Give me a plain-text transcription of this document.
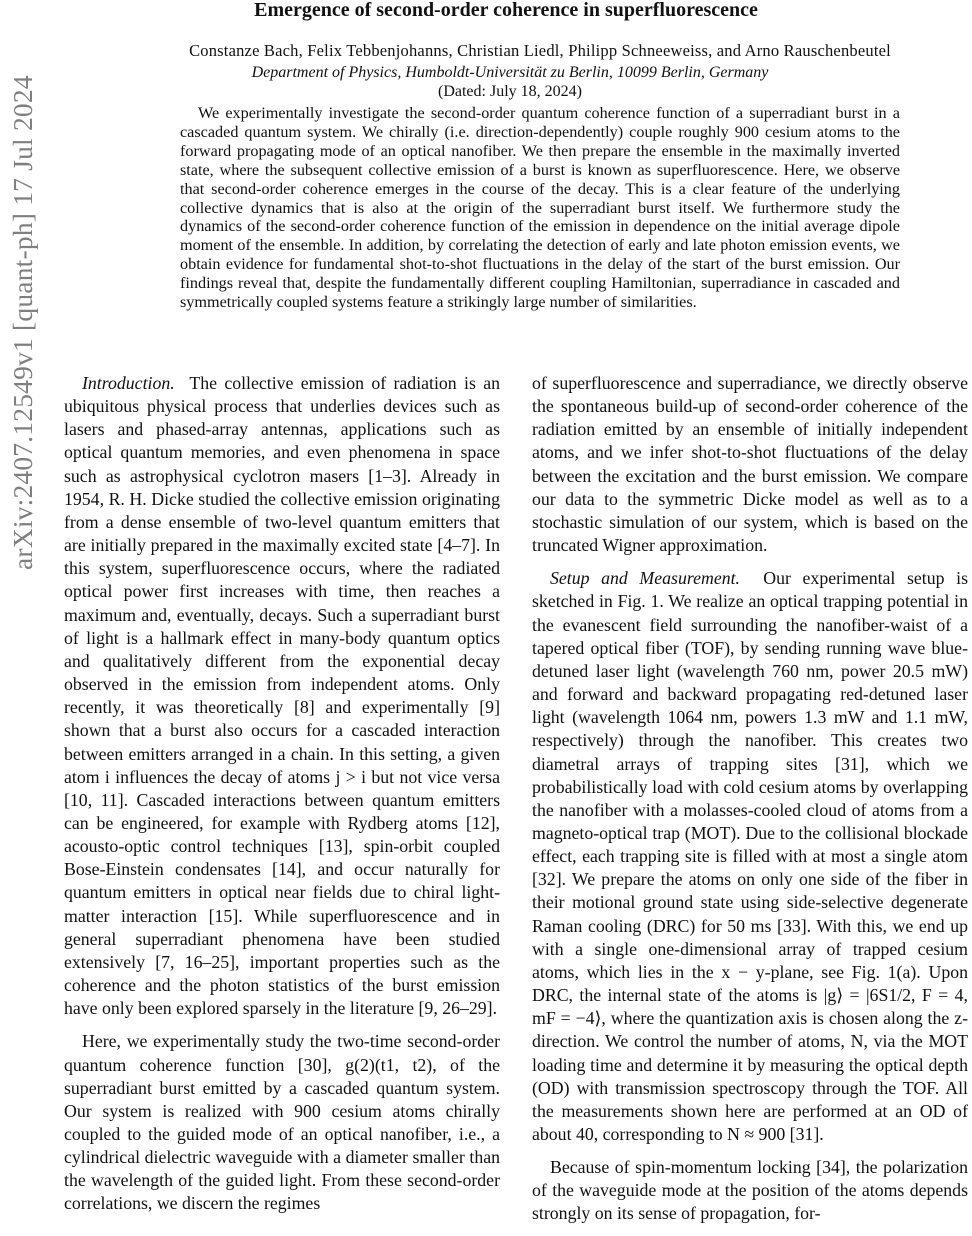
arXiv:2407.12549v1 [quant-ph] 17 Jul 2024
Emergence of second-order coherence in superfluorescence
Constanze Bach, Felix Tebbenjohanns, Christian Liedl, Philipp Schneeweiss, and Arno Rauschenbeutel
Department of Physics, Humboldt-Universität zu Berlin, 10099 Berlin, Germany
(Dated: July 18, 2024)
We experimentally investigate the second-order quantum coherence function of a superradiant burst in a cascaded quantum system. We chirally (i.e. direction-dependently) couple roughly 900 cesium atoms to the forward propagating mode of an optical nanofiber. We then prepare the ensemble in the maximally inverted state, where the subsequent collective emission of a burst is known as superfluorescence. Here, we observe that second-order coherence emerges in the course of the decay. This is a clear feature of the underlying collective dynamics that is also at the origin of the superradiant burst itself. We furthermore study the dynamics of the second-order coherence function of the emission in dependence on the initial average dipole moment of the ensemble. In addition, by correlating the detection of early and late photon emission events, we obtain evidence for fundamental shot-to-shot fluctuations in the delay of the start of the burst emission. Our findings reveal that, despite the fundamentally different coupling Hamiltonian, superradiance in cascaded and symmetrically coupled systems feature a strikingly large number of similarities.

Introduction. The collective emission of radiation is an ubiquitous physical process that underlies devices such as lasers and phased-array antennas, applications such as optical quantum memories, and even phenomena in space such as astrophysical cyclotron masers [1–3]. Already in 1954, R. H. Dicke studied the collective emission originating from a dense ensemble of two-level quantum emitters that are initially prepared in the maximally excited state [4–7]. In this system, superfluorescence occurs, where the radiated optical power first increases with time, then reaches a maximum and, eventually, decays. Such a superradiant burst of light is a hallmark effect in many-body quantum optics and qualitatively different from the exponential decay observed in the emission from independent atoms. Only recently, it was theoretically [8] and experimentally [9] shown that a burst also occurs for a cascaded interaction between emitters arranged in a chain. In this setting, a given atom i influences the decay of atoms j > i but not vice versa [10, 11]. Cascaded interactions between quantum emitters can be engineered, for example with Rydberg atoms [12], acousto-optic control techniques [13], spin-orbit coupled Bose-Einstein condensates [14], and occur naturally for quantum emitters in optical near fields due to chiral light-matter interaction [15]. While superfluorescence and in general superradiant phenomena have been studied extensively [7, 16–25], important properties such as the coherence and the photon statistics of the burst emission have only been explored sparsely in the literature [9, 26–29].

Here, we experimentally study the two-time second-order quantum coherence function [30], g(2)(t1, t2), of the superradiant burst emitted by a cascaded quantum system. Our system is realized with 900 cesium atoms chirally coupled to the guided mode of an optical nanofiber, i.e., a cylindrical dielectric waveguide with a diameter smaller than the wavelength of the guided light. From these second-order correlations, we discern the regimes

of superfluorescence and superradiance, we directly observe the spontaneous build-up of second-order coherence of the radiation emitted by an ensemble of initially independent atoms, and we infer shot-to-shot fluctuations of the delay between the excitation and the burst emission. We compare our data to the symmetric Dicke model as well as to a stochastic simulation of our system, which is based on the truncated Wigner approximation.

Setup and Measurement. Our experimental setup is sketched in Fig. 1. We realize an optical trapping potential in the evanescent field surrounding the nanofiber-waist of a tapered optical fiber (TOF), by sending running wave blue-detuned laser light (wavelength 760 nm, power 20.5 mW) and forward and backward propagating red-detuned laser light (wavelength 1064 nm, powers 1.3 mW and 1.1 mW, respectively) through the nanofiber. This creates two diametral arrays of trapping sites [31], which we probabilistically load with cold cesium atoms by overlapping the nanofiber with a molasses-cooled cloud of atoms from a magneto-optical trap (MOT). Due to the collisional blockade effect, each trapping site is filled with at most a single atom [32]. We prepare the atoms on only one side of the fiber in their motional ground state using side-selective degenerate Raman cooling (DRC) for 50 ms [33]. With this, we end up with a single one-dimensional array of trapped cesium atoms, which lies in the x − y-plane, see Fig. 1(a). Upon DRC, the internal state of the atoms is |g⟩ = |6S1/2, F = 4, mF = −4⟩, where the quantization axis is chosen along the z-direction. We control the number of atoms, N, via the MOT loading time and determine it by measuring the optical depth (OD) with transmission spectroscopy through the TOF. All the measurements shown here are performed at an OD of about 40, corresponding to N ≈ 900 [31].

Because of spin-momentum locking [34], the polarization of the waveguide mode at the position of the atoms depends strongly on its sense of propagation, for-
